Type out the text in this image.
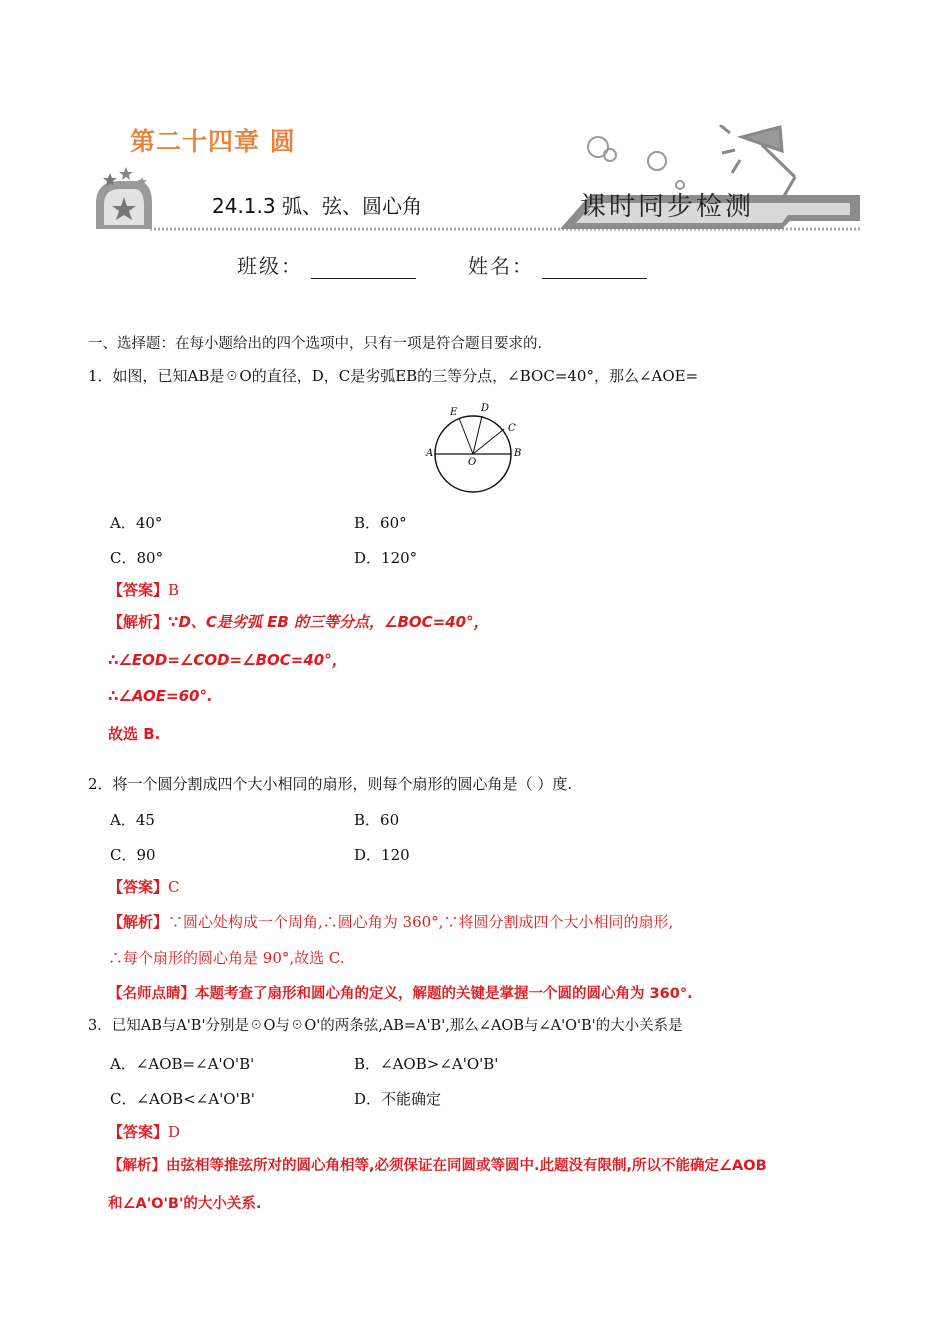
第二十四章 圆
24.1.3 弧、弦、圆心角	课时同步检测
班级：	姓名：
一、选择题：在每小题给出的四个选项中，只有一项是符合题目要求的.
1．如图，已知AB是☉O的直径，D，C是劣弧EB的三等分点，∠BOC=40°，那么∠AOE=
E D
C
A
O
B
A．40°	B．60°
C．80°	D．120°
【答案】B
【解析】∵D、C是劣弧 EB 的三等分点，∠BOC=40°，
∴∠EOD=∠COD=∠BOC=40°，
∴∠AOE=60°.
故选 B.
2．将一个圆分割成四个大小相同的扇形，则每个扇形的圆心角是（ ）度.
A．45	B．60
C．90	D．120
【答案】C
【解析】∵圆心处构成一个周角,∴圆心角为 360°,∵将圆分割成四个大小相同的扇形,
∴每个扇形的圆心角是 90°,故选 C.
【名师点睛】本题考查了扇形和圆心角的定义，解题的关键是掌握一个圆的圆心角为 360°.
3．已知AB与A'B'分别是☉O与☉O'的两条弦,AB=A'B',那么∠AOB与∠A'O'B'的大小关系是
A．∠AOB=∠A'O'B'	B．∠AOB>∠A'O'B'
C．∠AOB<∠A'O'B'	D．不能确定
【答案】D
【解析】由弦相等推弦所对的圆心角相等,必须保证在同圆或等圆中.此题没有限制,所以不能确定∠AOB
和∠A'O'B'的大小关系.
